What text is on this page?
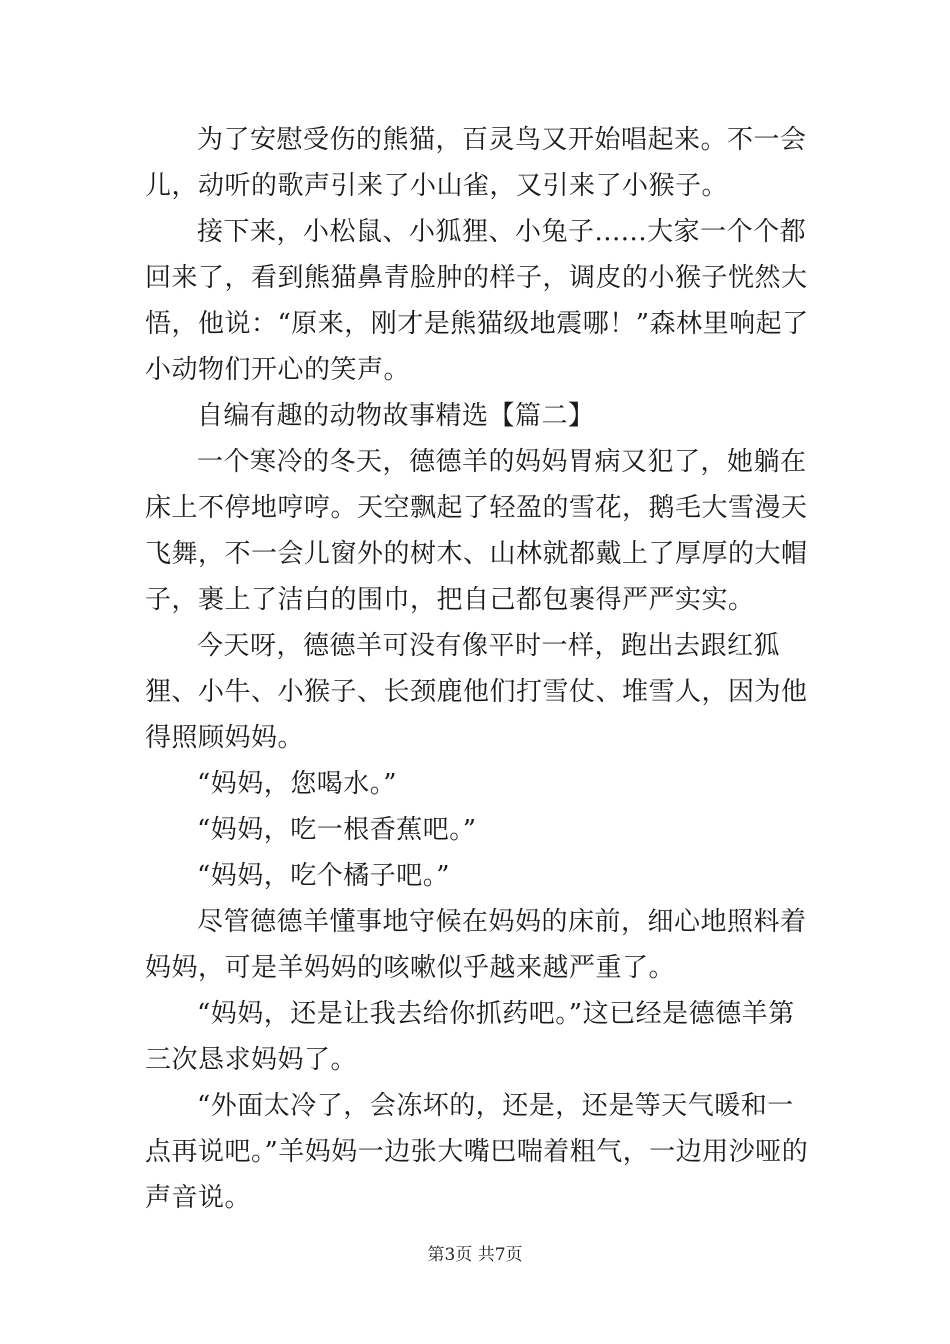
为了安慰受伤的熊猫，百灵鸟又开始唱起来。不一会儿，动听的歌声引来了小山雀，又引来了小猴子。

接下来，小松鼠、小狐狸、小兔子......大家一个个都回来了，看到熊猫鼻青脸肿的样子，调皮的小猴子恍然大悟，他说：“原来，刚才是熊猫级地震哪！”森林里响起了小动物们开心的笑声。

自编有趣的动物故事精选【篇二】

一个寒冷的冬天，德德羊的妈妈胃病又犯了，她躺在床上不停地哼哼。天空飘起了轻盈的雪花，鹅毛大雪漫天飞舞，不一会儿窗外的树木、山林就都戴上了厚厚的大帽子，裹上了洁白的围巾，把自己都包裹得严严实实。

今天呀，德德羊可没有像平时一样，跑出去跟红狐狸、小牛、小猴子、长颈鹿他们打雪仗、堆雪人，因为他得照顾妈妈。

“妈妈，您喝水。”

“妈妈，吃一根香蕉吧。”

“妈妈，吃个橘子吧。”

尽管德德羊懂事地守候在妈妈的床前，细心地照料着妈妈，可是羊妈妈的咳嗽似乎越来越严重了。

“妈妈，还是让我去给你抓药吧。”这已经是德德羊第三次恳求妈妈了。

“外面太冷了，会冻坏的，还是，还是等天气暖和一点再说吧。”羊妈妈一边张大嘴巴喘着粗气，一边用沙哑的声音说。

第3页 共7页
